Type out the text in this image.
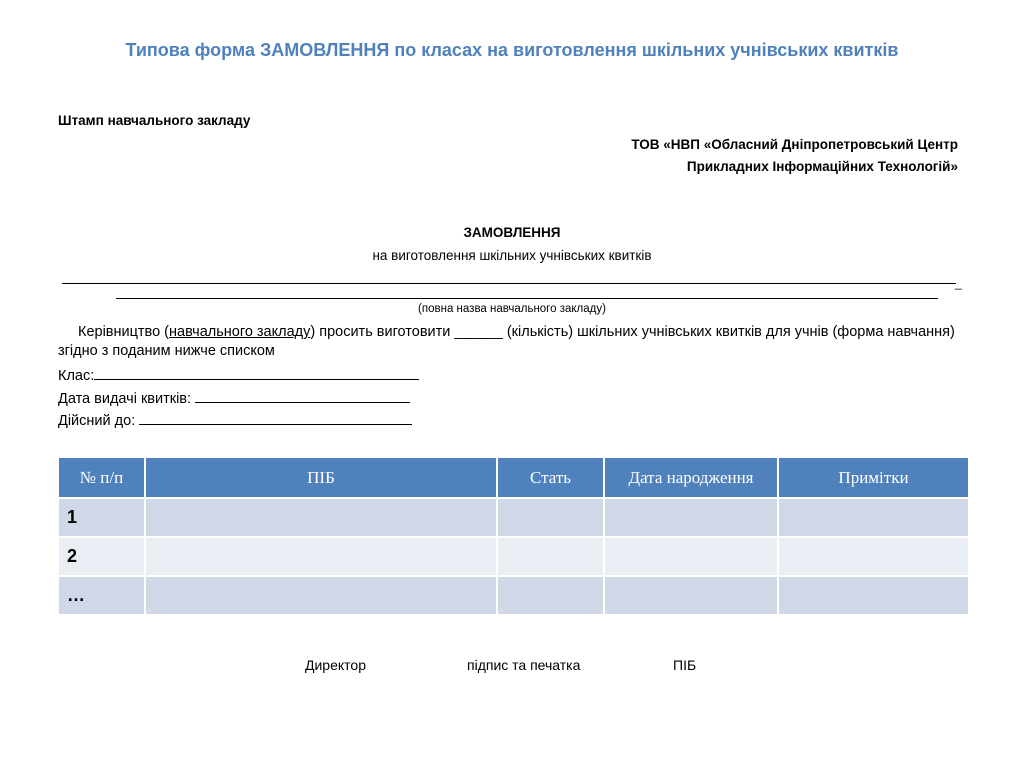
Типова форма ЗАМОВЛЕННЯ по класах на виготовлення шкільних учнівських квитків
Штамп навчального закладу
ТОВ «НВП «Обласний Дніпропетровський Центр
Прикладних Інформаційних Технологій»
ЗАМОВЛЕННЯ
на виготовлення шкільних учнівських квитків
_
(повна назва навчального закладу)
Керівництво (навчального закладу) просить виготовити ______ (кількість) шкільних учнівських квитків для учнів (форма навчання) згідно з поданим нижче списком
Клас:
Дата видачі квитків:
Дійсний до:
№ п/п	ПІБ	Стать	Дата народження	Примітки
1				
2				
…				
Директор	підпис та печатка	ПІБ
